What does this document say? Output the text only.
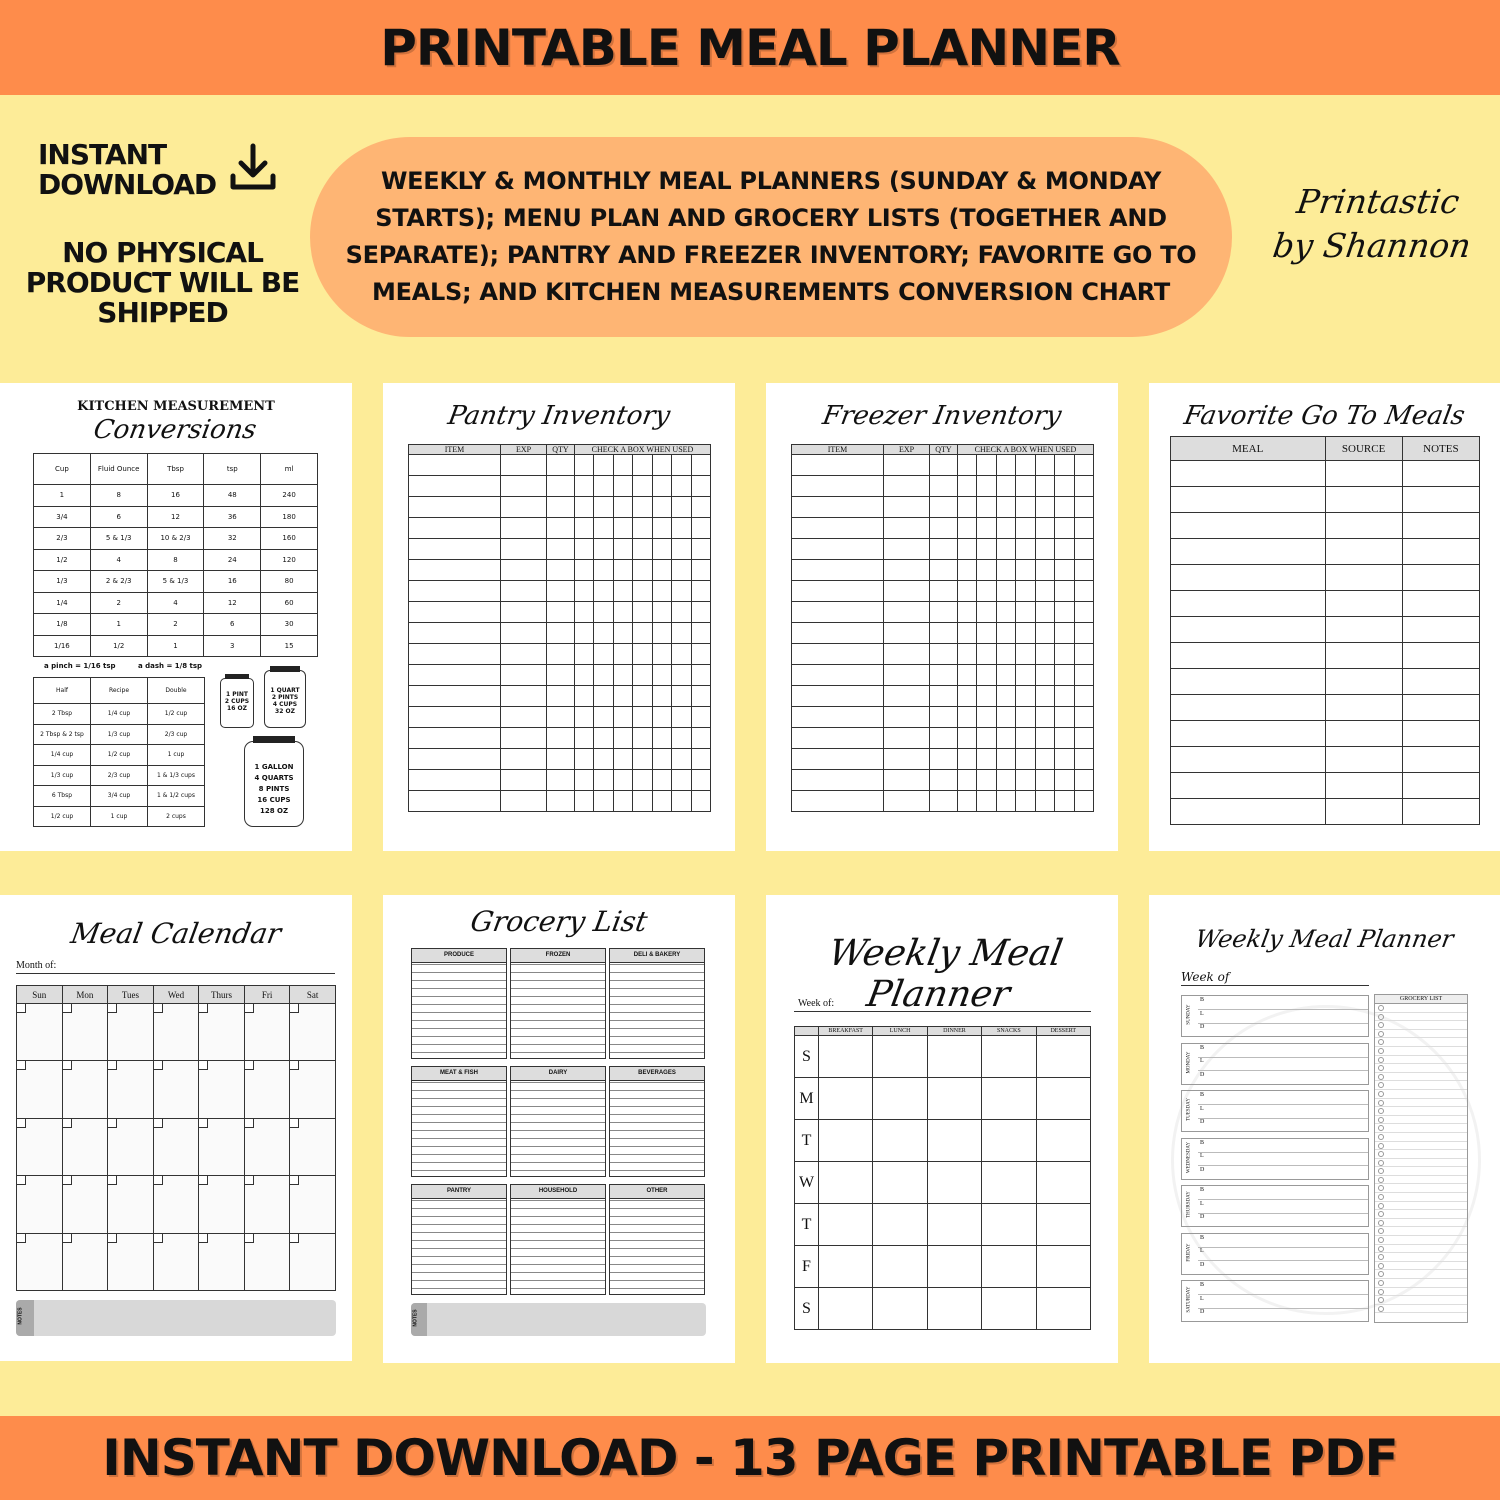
PRINTABLE MEAL PLANNER
INSTANT
DOWNLOAD
NO PHYSICAL PRODUCT WILL BE SHIPPED
WEEKLY & MONTHLY MEAL PLANNERS (SUNDAY & MONDAY STARTS); MENU PLAN AND GROCERY LISTS (TOGETHER AND SEPARATE); PANTRY AND FREEZER INVENTORY; FAVORITE GO TO MEALS; AND KITCHEN MEASUREMENTS CONVERSION CHART
Printastic
by Shannon
KITCHEN MEASUREMENT
Conversions
Cup	Fluid Ounce	Tbsp	tsp	ml
1	8	16	48	240
3/4	6	12	36	180
2/3	5 & 1/3	10 & 2/3	32	160
1/2	4	8	24	120
1/3	2 & 2/3	5 & 1/3	16	80
1/4	2	4	12	60
1/8	1	2	6	30
1/16	1/2	1	3	15
a pinch = 1/16 tsp	a dash = 1/8 tsp
Half	Recipe	Double
2 Tbsp	1/4 cup	1/2 cup
2 Tbsp & 2 tsp	1/3 cup	2/3 cup
1/4 cup	1/2 cup	1 cup
1/3 cup	2/3 cup	1 & 1/3 cups
6 Tbsp	3/4 cup	1 & 1/2 cups
1/2 cup	1 cup	2 cups
1 PINT
2 CUPS
16 OZ
1 QUART
2 PINTS
4 CUPS
32 OZ
1 GALLON
4 QUARTS
8 PINTS
16 CUPS
128 OZ
Pantry Inventory
ITEM	EXP	QTY	CHECK A BOX WHEN USED						

Freezer Inventory
ITEM	EXP	QTY	CHECK A BOX WHEN USED						

Favorite Go To Meals
MEAL	SOURCE	NOTES

Meal Calendar
Month of:
Sun	Mon	Tues	Wed	Thurs	Fri	Sat

NOTES
Grocery List
PRODUCE	FROZEN	DELI & BAKERY
MEAT & FISH	DAIRY	BEVERAGES
PANTRY	HOUSEHOLD	OTHER
NOTES
Weekly Meal Planner
Week of:
	BREAKFAST	LUNCH	DINNER	SNACKS	DESSERT
S					
M					
T					
W					
T					
F					
S					
Weekly Meal Planner
Week of
SUNDAY
B
L
D
MONDAY
B
L
D
TUESDAY
B
L
D
WEDNESDAY	B
L
D
THURSDAY
B
L
D
FRIDAY
B
L
D
SATURDAY
B
L
D
GROCERY LIST
INSTANT DOWNLOAD - 13 PAGE PRINTABLE PDF
